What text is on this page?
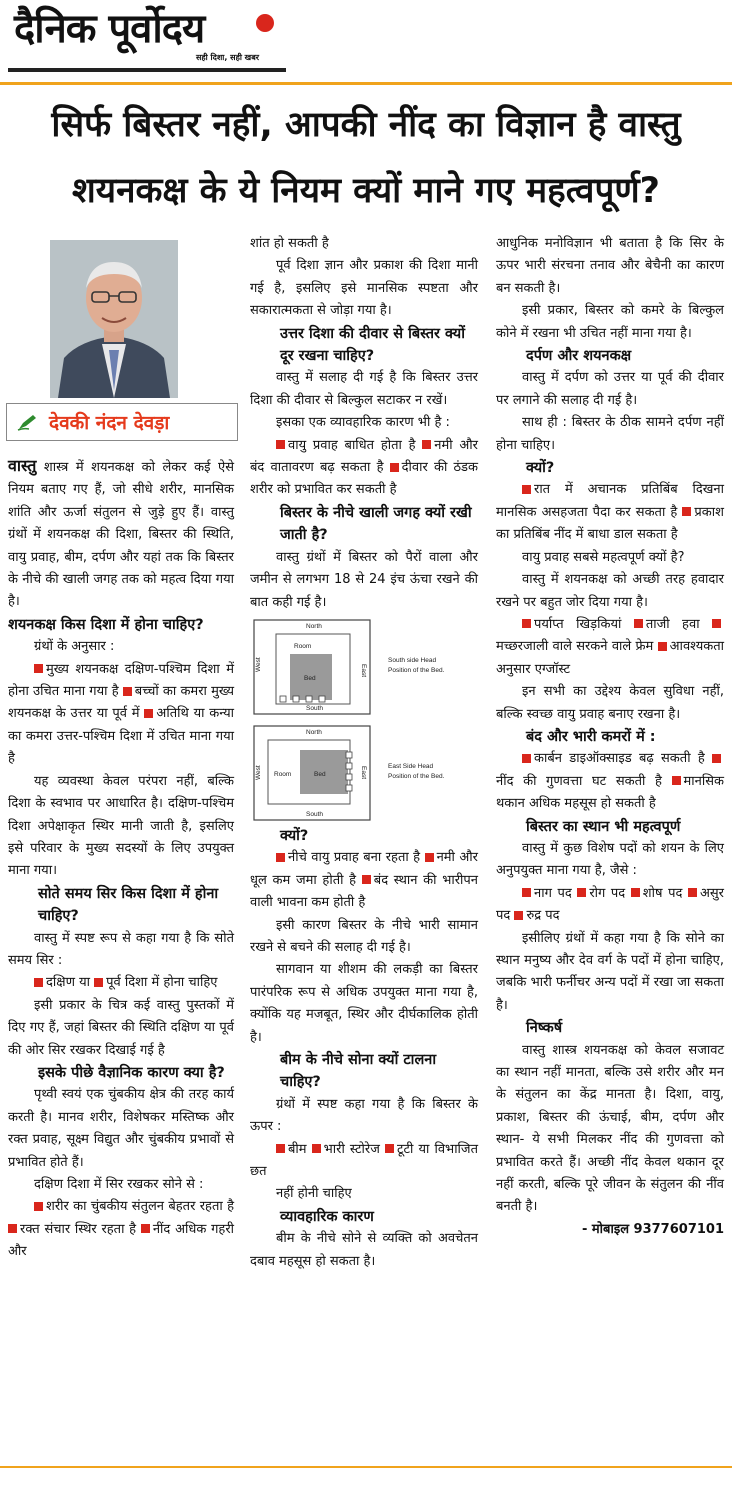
दैनिक पूर्वोदय
सही दिशा, सही खबर
सिर्फ बिस्तर नहीं, आपकी नींद का विज्ञान है वास्तु
शयनकक्ष के ये नियम क्यों माने गए महत्वपूर्ण?
देवकी नंदन देवड़ा

वास्तु शास्त्र में शयनकक्ष को लेकर कई ऐसे नियम बताए गए हैं, जो सीधे शरीर, मानसिक शांति और ऊर्जा संतुलन से जुड़े हुए हैं। वास्तु ग्रंथों में शयनकक्ष की दिशा, बिस्तर की स्थिति, वायु प्रवाह, बीम, दर्पण और यहां तक कि बिस्तर के नीचे की खाली जगह तक को महत्व दिया गया है।

शयनकक्ष किस दिशा में होना चाहिए?

ग्रंथों के अनुसार :

मुख्य शयनकक्ष दक्षिण-पश्चिम दिशा में होना उचित माना गया है बच्चों का कमरा मुख्य शयनकक्ष के उत्तर या पूर्व में अतिथि या कन्या का कमरा उत्तर-पश्चिम दिशा में उचित माना गया है

यह व्यवस्था केवल परंपरा नहीं, बल्कि दिशा के स्वभाव पर आधारित है। दक्षिण-पश्चिम दिशा अपेक्षाकृत स्थिर मानी जाती है, इसलिए इसे परिवार के मुख्य सदस्यों के लिए उपयुक्त माना गया।

सोते समय सिर किस दिशा में होना चाहिए?

वास्तु में स्पष्ट रूप से कहा गया है कि सोते समय सिर :

दक्षिण या पूर्व दिशा में होना चाहिए

इसी प्रकार के चित्र कई वास्तु पुस्तकों में दिए गए हैं, जहां बिस्तर की स्थिति दक्षिण या पूर्व की ओर सिर रखकर दिखाई गई है

इसके पीछे वैज्ञानिक कारण क्या है?

पृथ्वी स्वयं एक चुंबकीय क्षेत्र की तरह कार्य करती है। मानव शरीर, विशेषकर मस्तिष्क और रक्त प्रवाह, सूक्ष्म विद्युत और चुंबकीय प्रभावों से प्रभावित होते हैं।

दक्षिण दिशा में सिर रखकर सोने से :

शरीर का चुंबकीय संतुलन बेहतर रहता है रक्त संचार स्थिर रहता है नींद अधिक गहरी और

शांत हो सकती है

पूर्व दिशा ज्ञान और प्रकाश की दिशा मानी गई है, इसलिए इसे मानसिक स्पष्टता और सकारात्मकता से जोड़ा गया है।

उत्तर दिशा की दीवार से बिस्तर क्यों दूर रखना चाहिए?

वास्तु में सलाह दी गई है कि बिस्तर उत्तर दिशा की दीवार से बिल्कुल सटाकर न रखें।

इसका एक व्यावहारिक कारण भी है :

वायु प्रवाह बाधित होता है नमी और बंद वातावरण बढ़ सकता है दीवार की ठंडक शरीर को प्रभावित कर सकती है

बिस्तर के नीचे खाली जगह क्यों रखी जाती है?

वास्तु ग्रंथों में बिस्तर को पैरों वाला और जमीन से लगभग 18 से 24 इंच ऊंचा रखने की बात कही गई है।

North
South
West	East
Room
Bed
South side Head
Position of the Bed.
North
South
West	East
Room	Bed
East Side Head
Position of the Bed.

क्यों?

नीचे वायु प्रवाह बना रहता है नमी और धूल कम जमा होती है बंद स्थान की भारीपन वाली भावना कम होती है

इसी कारण बिस्तर के नीचे भारी सामान रखने से बचने की सलाह दी गई है।

सागवान या शीशम की लकड़ी का बिस्तर पारंपरिक रूप से अधिक उपयुक्त माना गया है, क्योंकि यह मजबूत, स्थिर और दीर्घकालिक होती है।

बीम के नीचे सोना क्यों टालना चाहिए?

ग्रंथों में स्पष्ट कहा गया है कि बिस्तर के ऊपर :

बीम भारी स्टोरेज टूटी या विभाजित छत

नहीं होनी चाहिए

व्यावहारिक कारण

बीम के नीचे सोने से व्यक्ति को अवचेतन दबाव महसूस हो सकता है।

आधुनिक मनोविज्ञान भी बताता है कि सिर के ऊपर भारी संरचना तनाव और बेचैनी का कारण बन सकती है।

इसी प्रकार, बिस्तर को कमरे के बिल्कुल कोने में रखना भी उचित नहीं माना गया है।

दर्पण और शयनकक्ष

वास्तु में दर्पण को उत्तर या पूर्व की दीवार पर लगाने की सलाह दी गई है।

साथ ही : बिस्तर के ठीक सामने दर्पण नहीं होना चाहिए।

क्यों?

रात में अचानक प्रतिबिंब दिखना मानसिक असहजता पैदा कर सकता है प्रकाश का प्रतिबिंब नींद में बाधा डाल सकता है

वायु प्रवाह सबसे महत्वपूर्ण क्यों है?

वास्तु में शयनकक्ष को अच्छी तरह हवादार रखने पर बहुत जोर दिया गया है।

पर्याप्त खिड़कियां ताजी हवा मच्छरजाली वाले सरकने वाले फ्रेम आवश्यकता अनुसार एग्जॉस्ट

इन सभी का उद्देश्य केवल सुविधा नहीं, बल्कि स्वच्छ वायु प्रवाह बनाए रखना है।

बंद और भारी कमरों में :

कार्बन डाइऑक्साइड बढ़ सकती है नींद की गुणवत्ता घट सकती है मानसिक थकान अधिक महसूस हो सकती है

बिस्तर का स्थान भी महत्वपूर्ण

वास्तु में कुछ विशेष पदों को शयन के लिए अनुपयुक्त माना गया है, जैसे :

नाग पद रोग पद शोष पद असुर पद रुद्र पद

इसीलिए ग्रंथों में कहा गया है कि सोने का स्थान मनुष्य और देव वर्ग के पदों में होना चाहिए, जबकि भारी फर्नीचर अन्य पदों में रखा जा सकता है।

निष्कर्ष

वास्तु शास्त्र शयनकक्ष को केवल सजावट का स्थान नहीं मानता, बल्कि उसे शरीर और मन के संतुलन का केंद्र मानता है। दिशा, वायु, प्रकाश, बिस्तर की ऊंचाई, बीम, दर्पण और स्थान- ये सभी मिलकर नींद की गुणवत्ता को प्रभावित करते हैं। अच्छी नींद केवल थकान दूर नहीं करती, बल्कि पूरे जीवन के संतुलन की नींव बनती है।

- मोबाइल 9377607101
